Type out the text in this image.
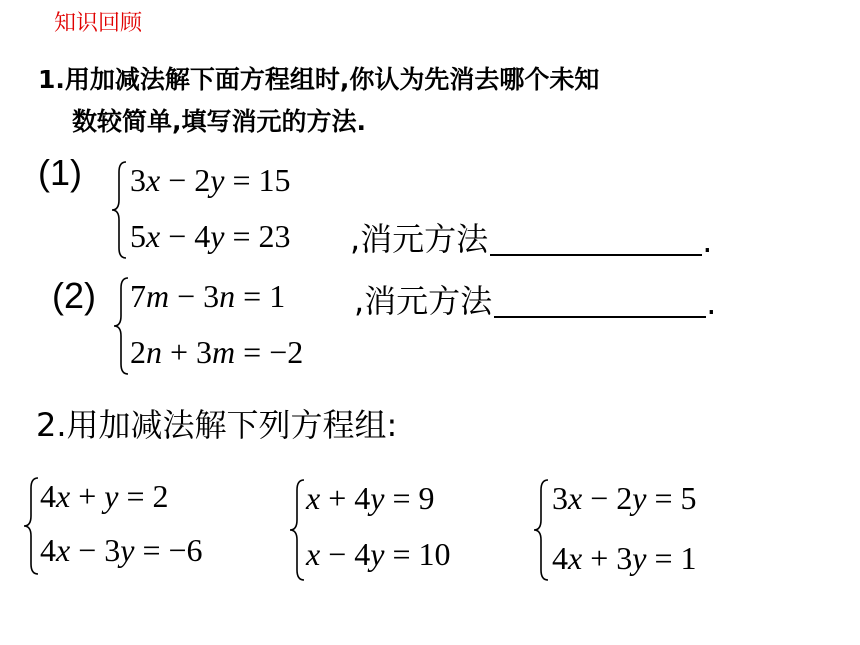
知识回顾
1.用加减法解下面方程组时,你认为先消去哪个未知
数较简单,填写消元的方法.
(1) 3x − 2y = 15
5x − 4y = 23 ,消元方法	.
(2) 7m − 3n = 1
2n + 3m = −2
,消元方法	.
2.用加减法解下列方程组:
4x + y = 2
4x − 3y = −6
x + 4y = 9
x − 4y = 10
3x − 2y = 5
4x + 3y = 1
